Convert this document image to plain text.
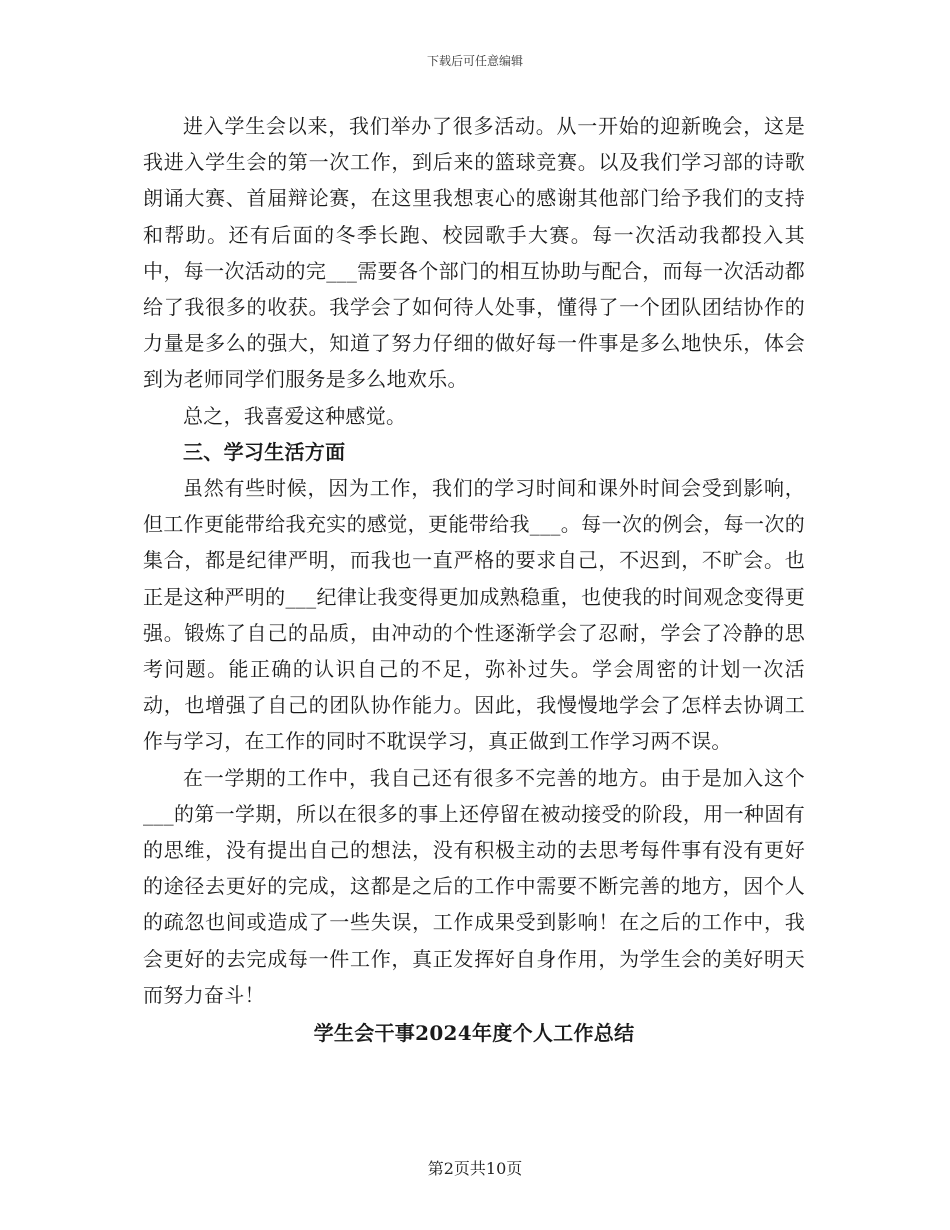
下载后可任意编辑

进入学生会以来，我们举办了很多活动。从一开始的迎新晚会，这是我进入学生会的第一次工作，到后来的篮球竞赛。以及我们学习部的诗歌朗诵大赛、首届辩论赛，在这里我想衷心的感谢其他部门给予我们的支持和帮助。还有后面的冬季长跑、校园歌手大赛。每一次活动我都投入其中，每一次活动的完___需要各个部门的相互协助与配合，而每一次活动都给了我很多的收获。我学会了如何待人处事，懂得了一个团队团结协作的力量是多么的强大，知道了努力仔细的做好每一件事是多么地快乐，体会到为老师同学们服务是多么地欢乐。

总之，我喜爱这种感觉。

三、学习生活方面

虽然有些时候，因为工作，我们的学习时间和课外时间会受到影响，但工作更能带给我充实的感觉，更能带给我___。每一次的例会，每一次的集合，都是纪律严明，而我也一直严格的要求自己，不迟到，不旷会。也正是这种严明的___纪律让我变得更加成熟稳重，也使我的时间观念变得更强。锻炼了自己的品质，由冲动的个性逐渐学会了忍耐，学会了冷静的思考问题。能正确的认识自己的不足，弥补过失。学会周密的计划一次活动，也增强了自己的团队协作能力。因此，我慢慢地学会了怎样去协调工作与学习，在工作的同时不耽误学习，真正做到工作学习两不误。

在一学期的工作中，我自己还有很多不完善的地方。由于是加入这个___的第一学期，所以在很多的事上还停留在被动接受的阶段，用一种固有的思维，没有提出自己的想法，没有积极主动的去思考每件事有没有更好的途径去更好的完成，这都是之后的工作中需要不断完善的地方，因个人的疏忽也间或造成了一些失误，工作成果受到影响！在之后的工作中，我会更好的去完成每一件工作，真正发挥好自身作用，为学生会的美好明天而努力奋斗！

学生会干事2024年度个人工作总结

第2页共10页
